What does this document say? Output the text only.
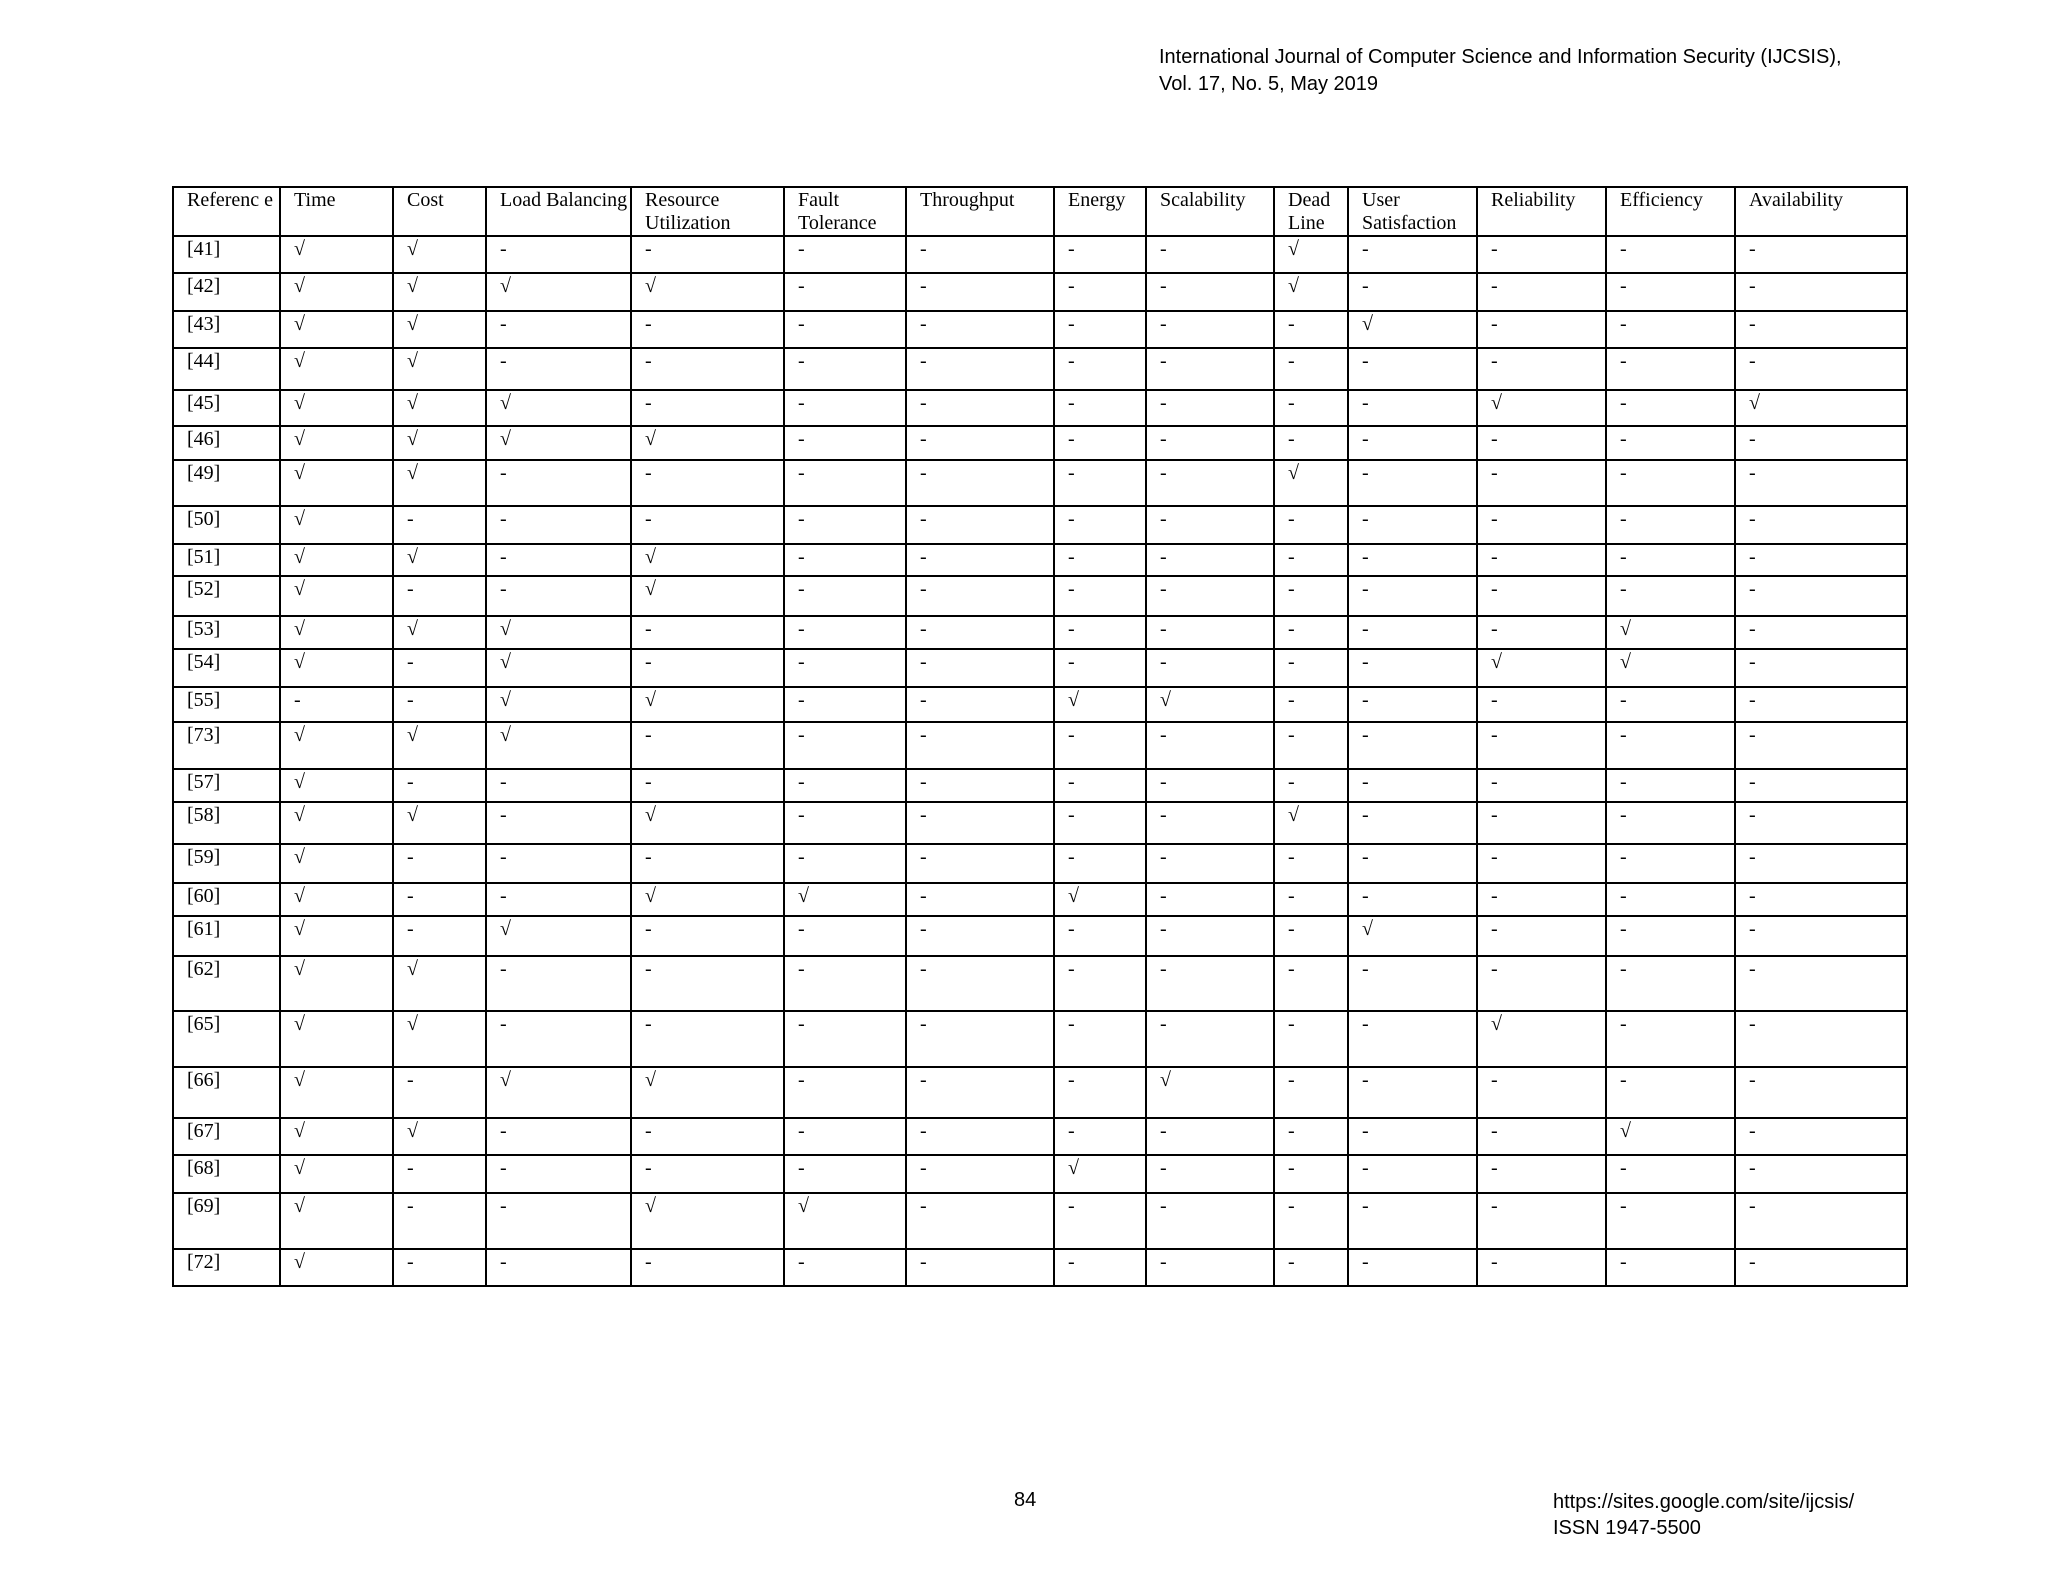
International Journal of Computer Science and Information Security (IJCSIS),
Vol. 17, No. 5, May 2019
Referenc e	Time	Cost	Load Balancing	Resource Utilization	Fault Tolerance	Throughput	Energy	Scalability	Dead Line	User Satisfaction	Reliability	Efficiency	Availability
[41]	√	√	-	-	-	-	-	-	√	-	-	-	-
[42]	√	√	√	√	-	-	-	-	√	-	-	-	-
[43]	√	√	-	-	-	-	-	-	-	√	-	-	-
[44]	√	√	-	-	-	-	-	-	-	-	-	-	-
[45]	√	√	√	-	-	-	-	-	-	-	√	-	√
[46]	√	√	√	√	-	-	-	-	-	-	-	-	-
[49]	√	√	-	-	-	-	-	-	√	-	-	-	-
[50]	√	-	-	-	-	-	-	-	-	-	-	-	-
[51]	√	√	-	√	-	-	-	-	-	-	-	-	-
[52]	√	-	-	√	-	-	-	-	-	-	-	-	-
[53]	√	√	√	-	-	-	-	-	-	-	-	√	-
[54]	√	-	√	-	-	-	-	-	-	-	√	√	-
[55]	-	-	√	√	-	-	√	√	-	-	-	-	-
[73]	√	√	√	-	-	-	-	-	-	-	-	-	-
[57]	√	-	-	-	-	-	-	-	-	-	-	-	-
[58]	√	√	-	√	-	-	-	-	√	-	-	-	-
[59]	√	-	-	-	-	-	-	-	-	-	-	-	-
[60]	√	-	-	√	√	-	√	-	-	-	-	-	-
[61]	√	-	√	-	-	-	-	-	-	√	-	-	-
[62]	√	√	-	-	-	-	-	-	-	-	-	-	-
[65]	√	√	-	-	-	-	-	-	-	-	√	-	-
[66]	√	-	√	√	-	-	-	√	-	-	-	-	-
[67]	√	√	-	-	-	-	-	-	-	-	-	√	-
[68]	√	-	-	-	-	-	√	-	-	-	-	-	-
[69]	√	-	-	√	√	-	-	-	-	-	-	-	-
[72]	√	-	-	-	-	-	-	-	-	-	-	-	-
84	https://sites.google.com/site/ijcsis/
ISSN 1947-5500
